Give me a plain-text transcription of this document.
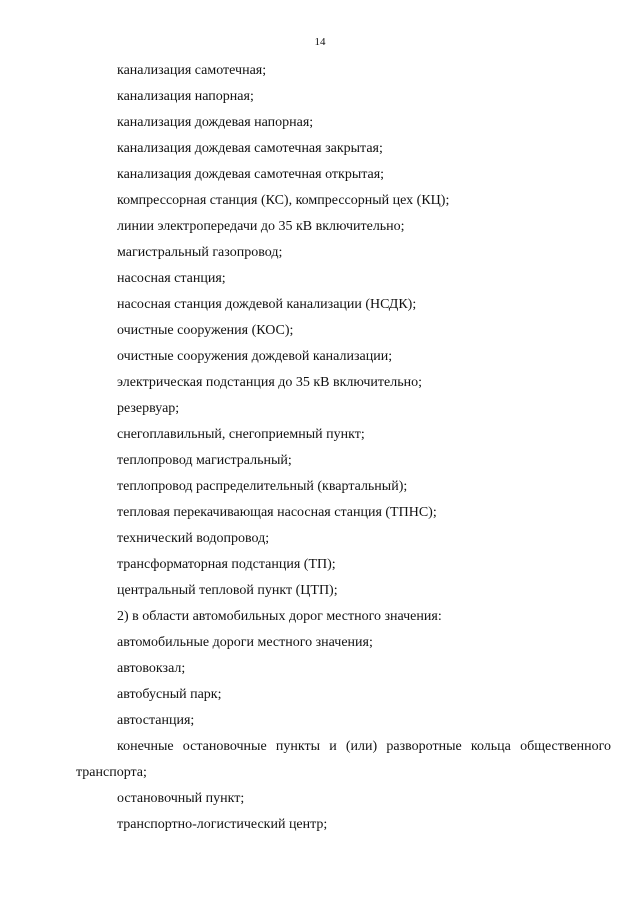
14
канализация самотечная;
канализация напорная;
канализация дождевая напорная;
канализация дождевая самотечная закрытая;
канализация дождевая самотечная открытая;
компрессорная станция (КС), компрессорный цех (КЦ);
линии электропередачи до 35 кВ включительно;
магистральный газопровод;
насосная станция;
насосная станция дождевой канализации (НСДК);
очистные сооружения (КОС);
очистные сооружения дождевой канализации;
электрическая подстанция до 35 кВ включительно;
резервуар;
снегоплавильный, снегоприемный пункт;
теплопровод магистральный;
теплопровод распределительный (квартальный);
тепловая перекачивающая насосная станция (ТПНС);
технический водопровод;
трансформаторная подстанция (ТП);
центральный тепловой пункт (ЦТП);
2) в области автомобильных дорог местного значения:
автомобильные дороги местного значения;
автовокзал;
автобусный парк;
автостанция;
конечные остановочные пункты и (или) разворотные кольца общественного
транспорта;
остановочный пункт;
транспортно-логистический центр;
